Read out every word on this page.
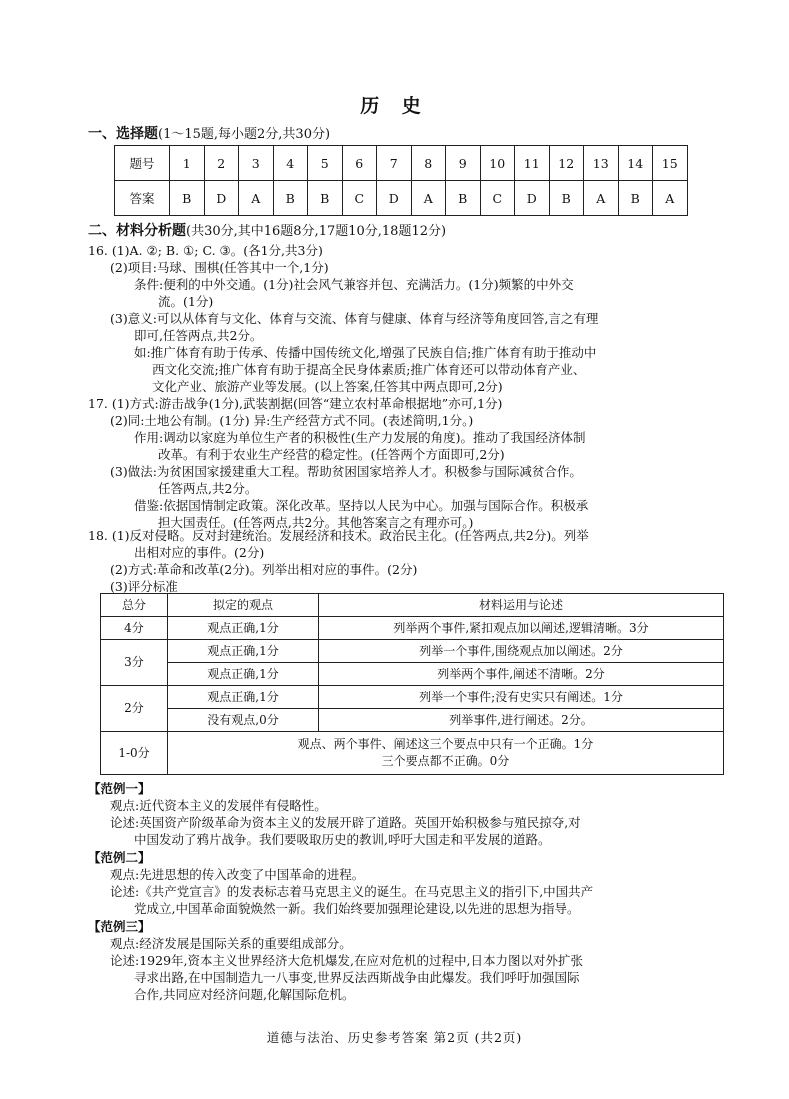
历 史
一、选择题(1～15题,每小题2分,共30分)
题号	1	2	3	4	5	6	7	8	9	10	11	12	13	14	15
答案	B	D	A	B	B	C	D	A	B	C	D	B	A	B	A
二、材料分析题(共30分,其中16题8分,17题10分,18题12分)

16. (1)A. ②; B. ①; C. ③。(各1分,共3分)

(2)项目:马球、围棋(任答其中一个,1分)

条件:便利的中外交通。(1分)社会风气兼容并包、充满活力。(1分)频繁的中外交

流。(1分)

(3)意义:可以从体育与文化、体育与交流、体育与健康、体育与经济等角度回答,言之有理

即可,任答两点,共2分。

如:推广体育有助于传承、传播中国传统文化,增强了民族自信;推广体育有助于推动中

西文化交流;推广体育有助于提高全民身体素质;推广体育还可以带动体育产业、

文化产业、旅游产业等发展。(以上答案,任答其中两点即可,2分)

17. (1)方式:游击战争(1分),武装割据(回答“建立农村革命根据地”亦可,1分)

(2)同:土地公有制。(1分) 异:生产经营方式不同。(表述简明,1分。)

作用:调动以家庭为单位生产者的积极性(生产力发展的角度)。推动了我国经济体制

改革。有利于农业生产经营的稳定性。(任答两个方面即可,2分)

(3)做法:为贫困国家援建重大工程。帮助贫困国家培养人才。积极参与国际减贫合作。

任答两点,共2分。

借鉴:依据国情制定政策。深化改革。坚持以人民为中心。加强与国际合作。积极承

担大国责任。(任答两点,共2分。其他答案言之有理亦可。)

18. (1)反对侵略。反对封建统治。发展经济和技术。政治民主化。(任答两点,共2分)。列举

出相对应的事件。(2分)

(2)方式:革命和改革(2分)。列举出相对应的事件。(2分)

(3)评分标准

总分	拟定的观点	材料运用与论述
4分	观点正确,1分	列举两个事件,紧扣观点加以阐述,逻辑清晰。3分
3分	观点正确,1分	列举一个事件,围绕观点加以阐述。2分
	观点正确,1分	列举两个事件,阐述不清晰。2分
2分	观点正确,1分	列举一个事件;没有史实只有阐述。1分
	没有观点,0分	列举事件,进行阐述。2分。
1-0分	观点、两个事件、阐述这三个要点中只有一个正确。1分
三个要点都不正确。0分	

【范例一】

观点:近代资本主义的发展伴有侵略性。

论述:英国资产阶级革命为资本主义的发展开辟了道路。英国开始积极参与殖民掠夺,对

中国发动了鸦片战争。我们要吸取历史的教训,呼吁大国走和平发展的道路。

【范例二】

观点:先进思想的传入改变了中国革命的进程。

论述:《共产党宣言》的发表标志着马克思主义的诞生。在马克思主义的指引下,中国共产

党成立,中国革命面貌焕然一新。我们始终要加强理论建设,以先进的思想为指导。

【范例三】

观点:经济发展是国际关系的重要组成部分。

论述:1929年,资本主义世界经济大危机爆发,在应对危机的过程中,日本力图以对外扩张

寻求出路,在中国制造九一八事变,世界反法西斯战争由此爆发。我们呼吁加强国际

合作,共同应对经济问题,化解国际危机。

道德与法治、历史参考答案 第2页 (共2页)
